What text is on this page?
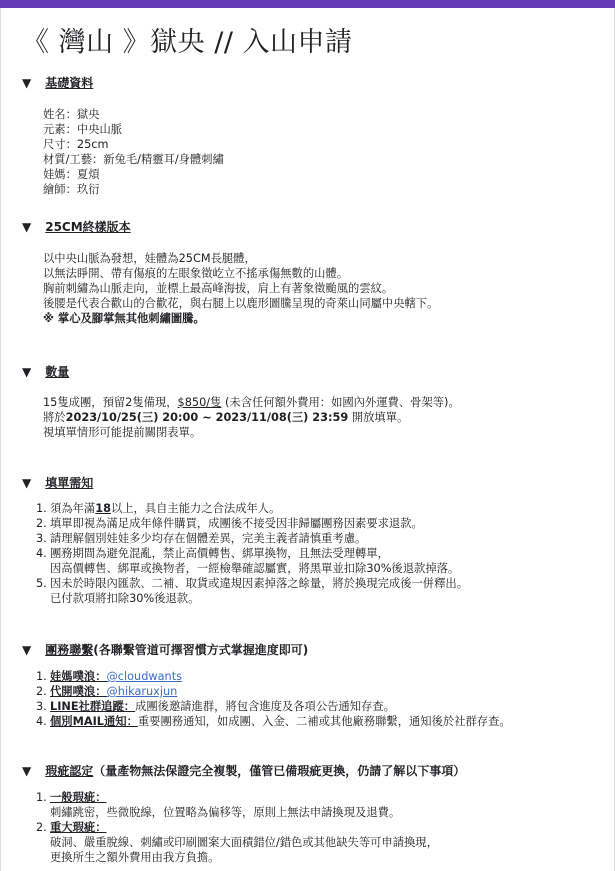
《 灣山 》獄央 // 入山申請
▼ 基礎資料

姓名：獄央

元素：中央山脈

尺寸：25cm

材質/工藝：新兔毛/精靈耳/身體刺繡

娃媽：夏煩

繪師：玖衍

▼ 25CM終樣版本

以中央山脈為發想，娃體為25CM長腿體，

以無法睜開、帶有傷痕的左眼象徵屹立不搖承傷無數的山體。

胸前刺繡為山脈走向，並標上最高峰海拔，肩上有著象徵颱風的雲紋。

後腰是代表合歡山的合歡花，與右腿上以鹿形圖騰呈現的奇萊山同屬中央轄下。

※ 掌心及腳掌無其他刺繡圖騰。

▼ 數量

15隻成團，預留2隻備現，$850/隻 (未含任何額外費用：如國內外運費、骨架等)。

將於2023/10/25(三) 20:00 ~ 2023/11/08(三) 23:59 開放填單。

視填單情形可能提前關閉表單。

▼ 填單需知
1. 須為年滿18以上，具自主能力之合法成年人。
2. 填單即視為滿足成年條件購買，成團後不接受因非歸屬團務因素要求退款。
3. 請理解個別娃娃多少均存在個體差異，完美主義者請慎重考慮。
4. 團務期間為避免混亂，禁止高價轉售、綁單換物，且無法受理轉單，
因高價轉售、綁單或換物者，一經檢舉確認屬實，將黑單並扣除30%後退款掉落。
5. 因未於時限內匯款、二補、取貨或違規因素掉落之餘量，將於換現完成後一併釋出。
已付款項將扣除30%後退款。
▼ 團務聯繫(各聯繫管道可擇習慣方式掌握進度即可)
1. 娃媽噗浪：@cloudwants
2. 代開噗浪：@hikaruxjun
3. LINE社群追蹤：成團後邀請進群，將包含進度及各項公告通知存查。
4. 個別MAIL通知：重要團務通知，如成團、入金、二補或其他廠務聯繫，通知後於社群存查。
▼ 瑕疵認定（量產物無法保證完全複製，僅管已備瑕疵更換，仍請了解以下事項）
1. 一般瑕疵：
刺繡跳密，些微脫線，位置略為偏移等，原則上無法申請換現及退費。
2. 重大瑕疵：
破洞、嚴重脫線、刺繡或印刷圖案大面積錯位/錯色或其他缺失等可申請換現，
更換所生之額外費用由我方負擔。
